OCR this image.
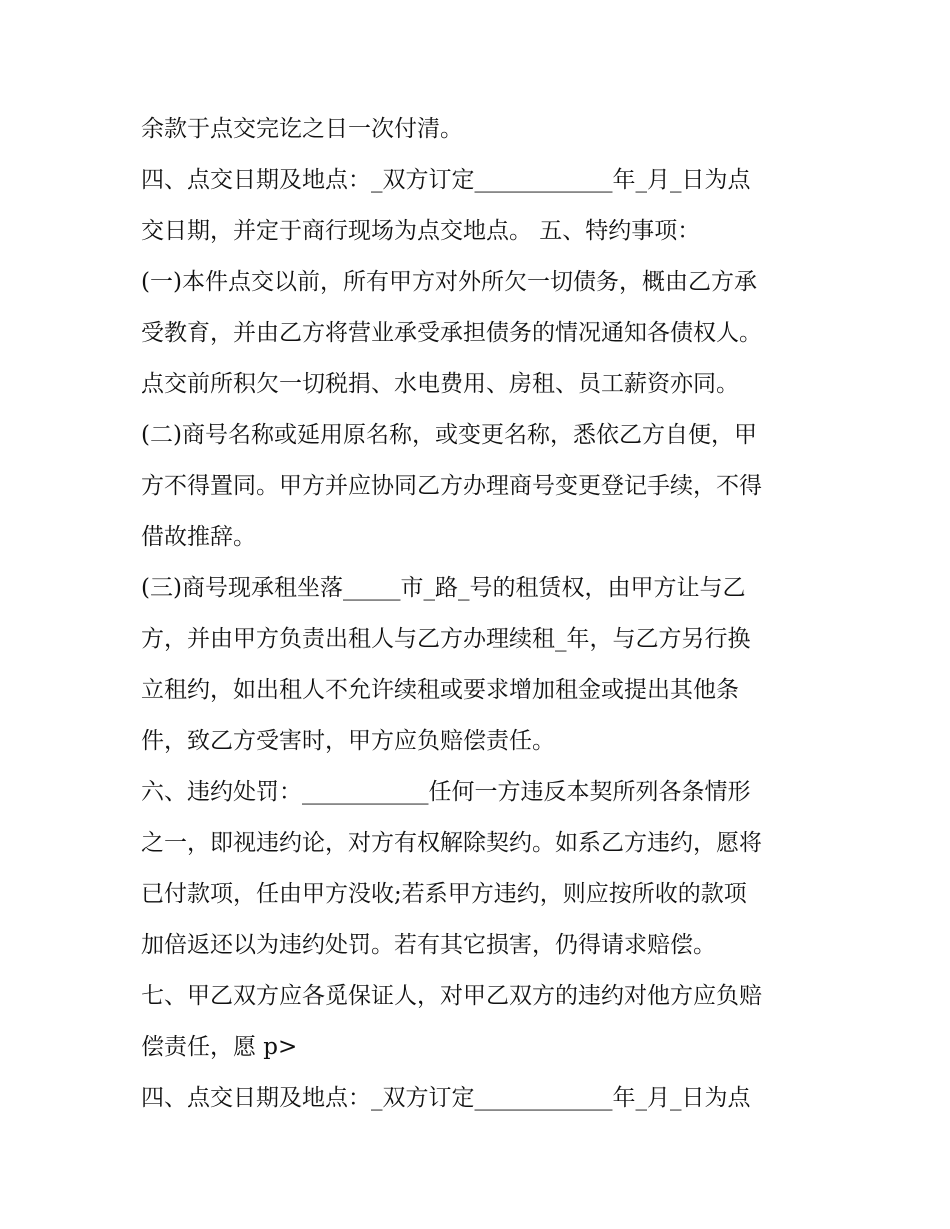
余款于点交完讫之日一次付清。
四、点交日期及地点：_双方订定____________年_月_日为点
交日期，并定于商行现场为点交地点。 五、特约事项：
(一)本件点交以前，所有甲方对外所欠一切债务，概由乙方承
受教育，并由乙方将营业承受承担债务的情况通知各债权人。
点交前所积欠一切税捐、水电费用、房租、员工薪资亦同。
(二)商号名称或延用原名称，或变更名称，悉依乙方自便，甲
方不得置同。甲方并应协同乙方办理商号变更登记手续，不得
借故推辞。
(三)商号现承租坐落_____市_路_号的租赁权，由甲方让与乙
方，并由甲方负责出租人与乙方办理续租_年，与乙方另行换
立租约，如出租人不允许续租或要求增加租金或提出其他条
件，致乙方受害时，甲方应负赔偿责任。
六、违约处罚：___________任何一方违反本契所列各条情形
之一，即视违约论，对方有权解除契约。如系乙方违约，愿将
已付款项，任由甲方没收;若系甲方违约，则应按所收的款项
加倍返还以为违约处罚。若有其它损害，仍得请求赔偿。
七、甲乙双方应各觅保证人，对甲乙双方的违约对他方应负赔
偿责任，愿 p>
四、点交日期及地点：_双方订定____________年_月_日为点
